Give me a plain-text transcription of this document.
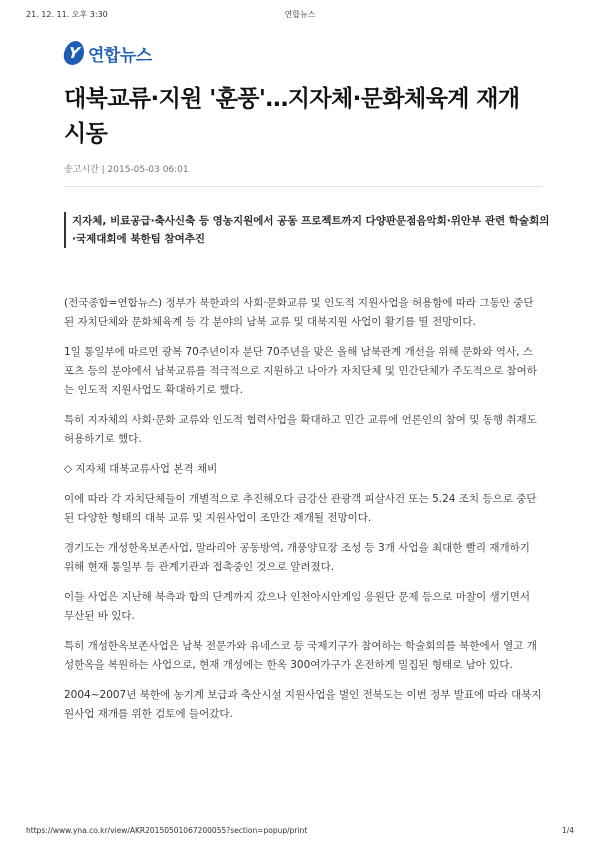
21. 12. 11. 오후 3:30	연합뉴스
Y 연합뉴스
대북교류·지원 '훈풍'…지자체·문화체육계 재개 시동
송고시간 | 2015-05-03 06:01
지자체, 비료공급·축사신축 등 영농지원에서 공동 프로젝트까지 다양판문점음악회·위안부 관련 학술회의·국제대회에 북한팀 참여추진

(전국종합=연합뉴스) 정부가 북한과의 사회·문화교류 및 인도적 지원사업을 허용함에 따라 그동안 중단된 자치단체와 문화체육계 등 각 분야의 남북 교류 및 대북지원 사업이 활기를 띨 전망이다.

1일 통일부에 따르면 광복 70주년이자 분단 70주년을 맞은 올해 남북관계 개선을 위해 문화와 역사, 스포츠 등의 분야에서 남북교류를 적극적으로 지원하고 나아가 자치단체 및 민간단체가 주도적으로 참여하는 인도적 지원사업도 확대하기로 했다.

특히 지자체의 사회·문화 교류와 인도적 협력사업을 확대하고 민간 교류에 언론인의 참여 및 동행 취재도 허용하기로 했다.

◇ 지자체 대북교류사업 본격 채비

이에 따라 각 자치단체들이 개별적으로 추진해오다 금강산 관광객 피살사건 또는 5.24 조치 등으로 중단된 다양한 형태의 대북 교류 및 지원사업이 조만간 재개될 전망이다.

경기도는 개성한옥보존사업, 말라리아 공동방역, 개풍양묘장 조성 등 3개 사업을 최대한 빨리 재개하기 위해 현재 통일부 등 관계기관과 접촉중인 것으로 알려졌다.

이들 사업은 지난해 북측과 합의 단계까지 갔으나 인천아시안게임 응원단 문제 등으로 마찰이 생기면서 무산된 바 있다.

특히 개성한옥보존사업은 남북 전문가와 유네스코 등 국제기구가 참여하는 학술회의를 북한에서 열고 개성한옥을 복원하는 사업으로, 현재 개성에는 한옥 300여가구가 온전하게 밀집된 형태로 남아 있다.

2004~2007년 북한에 농기계 보급과 축산시설 지원사업을 벌인 전북도는 이번 정부 발표에 따라 대북지원사업 재개를 위한 검토에 들어갔다.

https://www.yna.co.kr/view/AKR20150501067200055?section=popup/print	1/4
